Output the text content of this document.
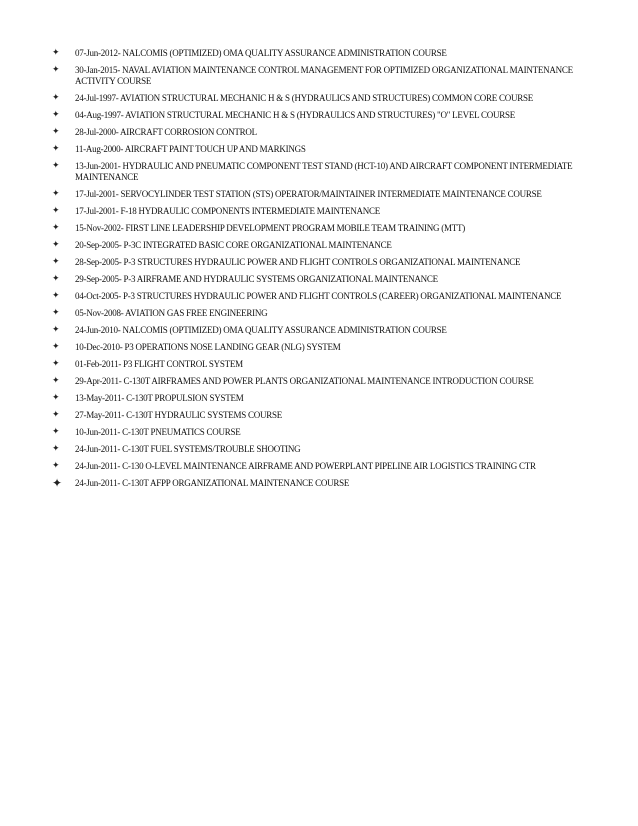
✦	07-Jun-2012- NALCOMIS (OPTIMIZED) OMA QUALITY ASSURANCE ADMINISTRATION COURSE
✦	30-Jan-2015- NAVAL AVIATION MAINTENANCE CONTROL MANAGEMENT FOR OPTIMIZED ORGANIZATIONAL MAINTENANCE ACTIVITY COURSE
✦	24-Jul-1997- AVIATION STRUCTURAL MECHANIC H & S (HYDRAULICS AND STRUCTURES) COMMON CORE COURSE
✦	04-Aug-1997- AVIATION STRUCTURAL MECHANIC H & S (HYDRAULICS AND STRUCTURES) "O" LEVEL COURSE
✦	28-Jul-2000- AIRCRAFT CORROSION CONTROL
✦	11-Aug-2000- AIRCRAFT PAINT TOUCH UP AND MARKINGS
✦	13-Jun-2001- HYDRAULIC AND PNEUMATIC COMPONENT TEST STAND (HCT-10) AND AIRCRAFT COMPONENT INTERMEDIATE MAINTENANCE
✦	17-Jul-2001- SERVOCYLINDER TEST STATION (STS) OPERATOR/MAINTAINER INTERMEDIATE MAINTENANCE COURSE
✦	17-Jul-2001- F-18 HYDRAULIC COMPONENTS INTERMEDIATE MAINTENANCE
✦	15-Nov-2002- FIRST LINE LEADERSHIP DEVELOPMENT PROGRAM MOBILE TEAM TRAINING (MTT)
✦	20-Sep-2005- P-3C INTEGRATED BASIC CORE ORGANIZATIONAL MAINTENANCE
✦	28-Sep-2005- P-3 STRUCTURES HYDRAULIC POWER AND FLIGHT CONTROLS ORGANIZATIONAL MAINTENANCE
✦	29-Sep-2005- P-3 AIRFRAME AND HYDRAULIC SYSTEMS ORGANIZATIONAL MAINTENANCE
✦	04-Oct-2005- P-3 STRUCTURES HYDRAULIC POWER AND FLIGHT CONTROLS (CAREER) ORGANIZATIONAL MAINTENANCE
✦	05-Nov-2008- AVIATION GAS FREE ENGINEERING
✦	24-Jun-2010- NALCOMIS (OPTIMIZED) OMA QUALITY ASSURANCE ADMINISTRATION COURSE
✦	10-Dec-2010- P3 OPERATIONS NOSE LANDING GEAR (NLG) SYSTEM
✦	01-Feb-2011- P3 FLIGHT CONTROL SYSTEM
✦	29-Apr-2011- C-130T AIRFRAMES AND POWER PLANTS ORGANIZATIONAL MAINTENANCE INTRODUCTION COURSE
✦	13-May-2011- C-130T PROPULSION SYSTEM
✦	27-May-2011- C-130T HYDRAULIC SYSTEMS COURSE
✦	10-Jun-2011- C-130T PNEUMATICS COURSE
✦	24-Jun-2011- C-130T FUEL SYSTEMS/TROUBLE SHOOTING
✦	24-Jun-2011- C-130 O-LEVEL MAINTENANCE AIRFRAME AND POWERPLANT PIPELINE AIR LOGISTICS TRAINING CTR
✦	24-Jun-2011- C-130T AFPP ORGANIZATIONAL MAINTENANCE COURSE
